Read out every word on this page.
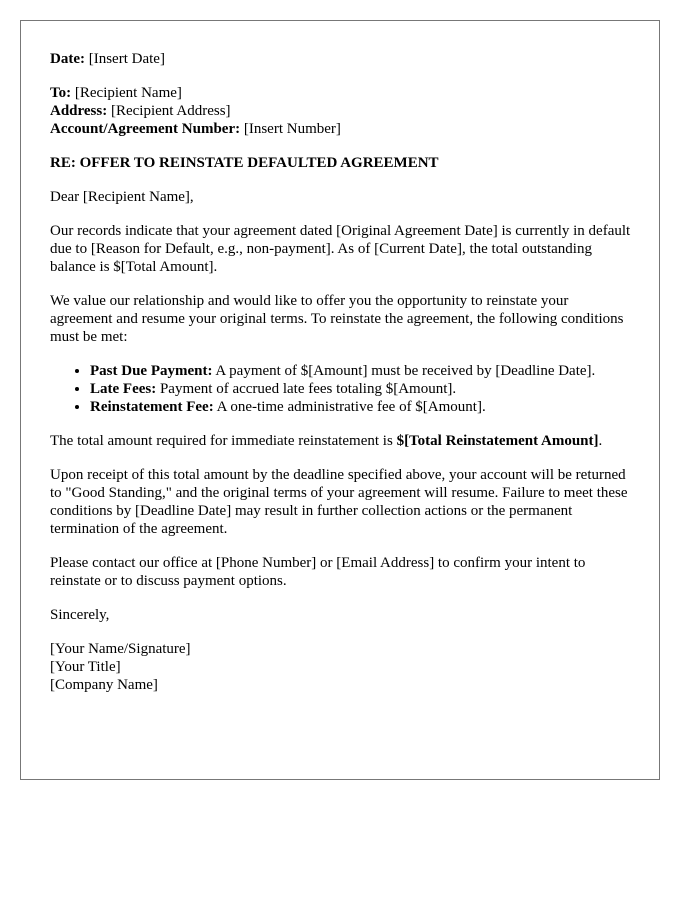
Date: [Insert Date]

To: [Recipient Name]
Address: [Recipient Address]
Account/Agreement Number: [Insert Number]

RE: OFFER TO REINSTATE DEFAULTED AGREEMENT

Dear [Recipient Name],

Our records indicate that your agreement dated [Original Agreement Date] is currently in default due to [Reason for Default, e.g., non-payment]. As of [Current Date], the total outstanding balance is $[Total Amount].

We value our relationship and would like to offer you the opportunity to reinstate your agreement and resume your original terms. To reinstate the agreement, the following conditions must be met:

• Past Due Payment: A payment of $[Amount] must be received by [Deadline Date].
• Late Fees: Payment of accrued late fees totaling $[Amount].
• Reinstatement Fee: A one-time administrative fee of $[Amount].

The total amount required for immediate reinstatement is $[Total Reinstatement Amount].

Upon receipt of this total amount by the deadline specified above, your account will be returned to "Good Standing," and the original terms of your agreement will resume. Failure to meet these conditions by [Deadline Date] may result in further collection actions or the permanent termination of the agreement.

Please contact our office at [Phone Number] or [Email Address] to confirm your intent to reinstate or to discuss payment options.

Sincerely,

[Your Name/Signature]
[Your Title]
[Company Name]
